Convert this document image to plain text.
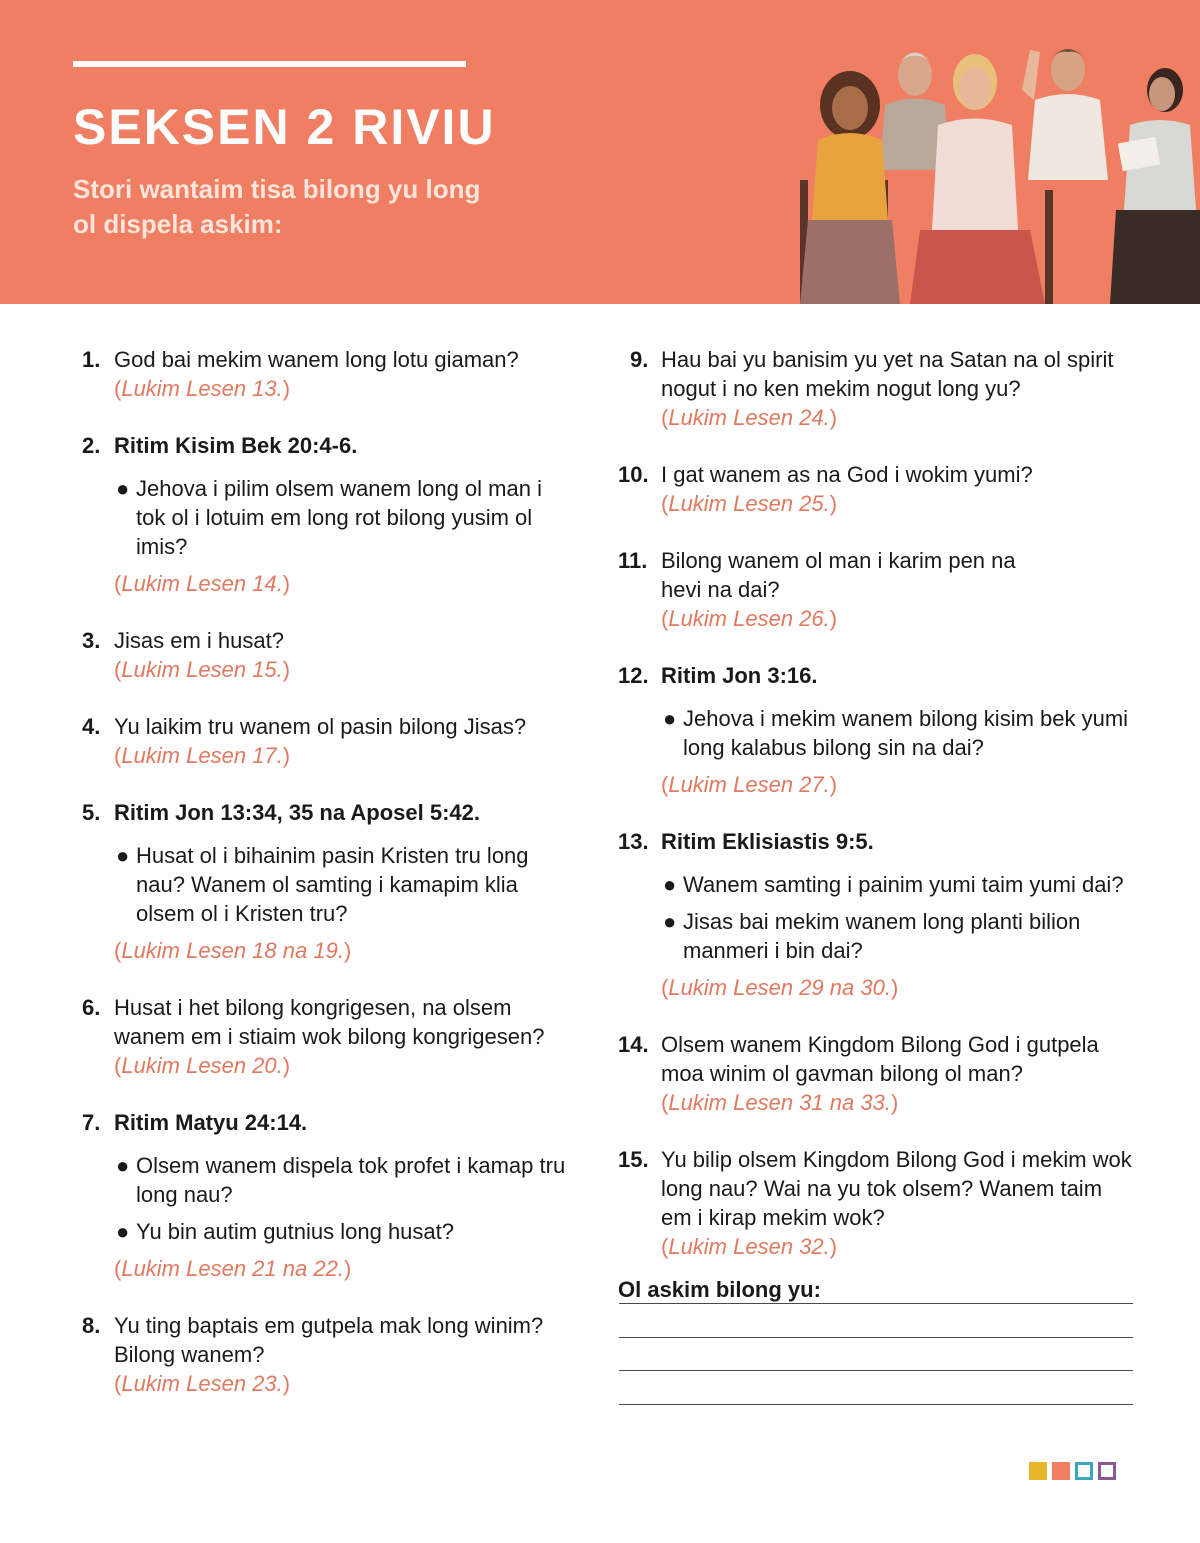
SEKSEN 2 RIVIU

Stori wantaim tisa bilong yu long ol dispela askim:

1. God bai mekim wanem long lotu giaman?
(Lukim Lesen 13.)
2. Ritim Kisim Bek 20:4-6.
● Jehova i pilim olsem wanem long ol man i tok ol i lotuim em long rot bilong yusim ol imis?
(Lukim Lesen 14.)
3. Jisas em i husat?
(Lukim Lesen 15.)
4. Yu laikim tru wanem ol pasin bilong Jisas?
(Lukim Lesen 17.)
5. Ritim Jon 13:34, 35 na Aposel 5:42.
● Husat ol i bihainim pasin Kristen tru long nau? Wanem ol samting i kamapim klia olsem ol i Kristen tru?
(Lukim Lesen 18 na 19.)
6. Husat i het bilong kongrigesen, na olsem wanem em i stiaim wok bilong kongrigesen?
(Lukim Lesen 20.)
7. Ritim Matyu 24:14.
● Olsem wanem dispela tok profet i kamap tru long nau?
● Yu bin autim gutnius long husat?
(Lukim Lesen 21 na 22.)
8. Yu ting baptais em gutpela mak long winim? Bilong wanem?
(Lukim Lesen 23.)
9. Hau bai yu banisim yu yet na Satan na ol spirit nogut i no ken mekim nogut long yu?
(Lukim Lesen 24.)
10. I gat wanem as na God i wokim yumi?
(Lukim Lesen 25.)
11. Bilong wanem ol man i karim pen na hevi na dai?
(Lukim Lesen 26.)
12. Ritim Jon 3:16.
● Jehova i mekim wanem bilong kisim bek yumi long kalabus bilong sin na dai?
(Lukim Lesen 27.)
13. Ritim Eklisiastis 9:5.
● Wanem samting i painim yumi taim yumi dai?
● Jisas bai mekim wanem long planti bilion manmeri i bin dai?
(Lukim Lesen 29 na 30.)
14. Olsem wanem Kingdom Bilong God i gutpela moa winim ol gavman bilong ol man?
(Lukim Lesen 31 na 33.)
15. Yu bilip olsem Kingdom Bilong God i mekim wok long nau? Wai na yu tok olsem? Wanem taim em i kirap mekim wok?
(Lukim Lesen 32.)
Ol askim bilong yu:
